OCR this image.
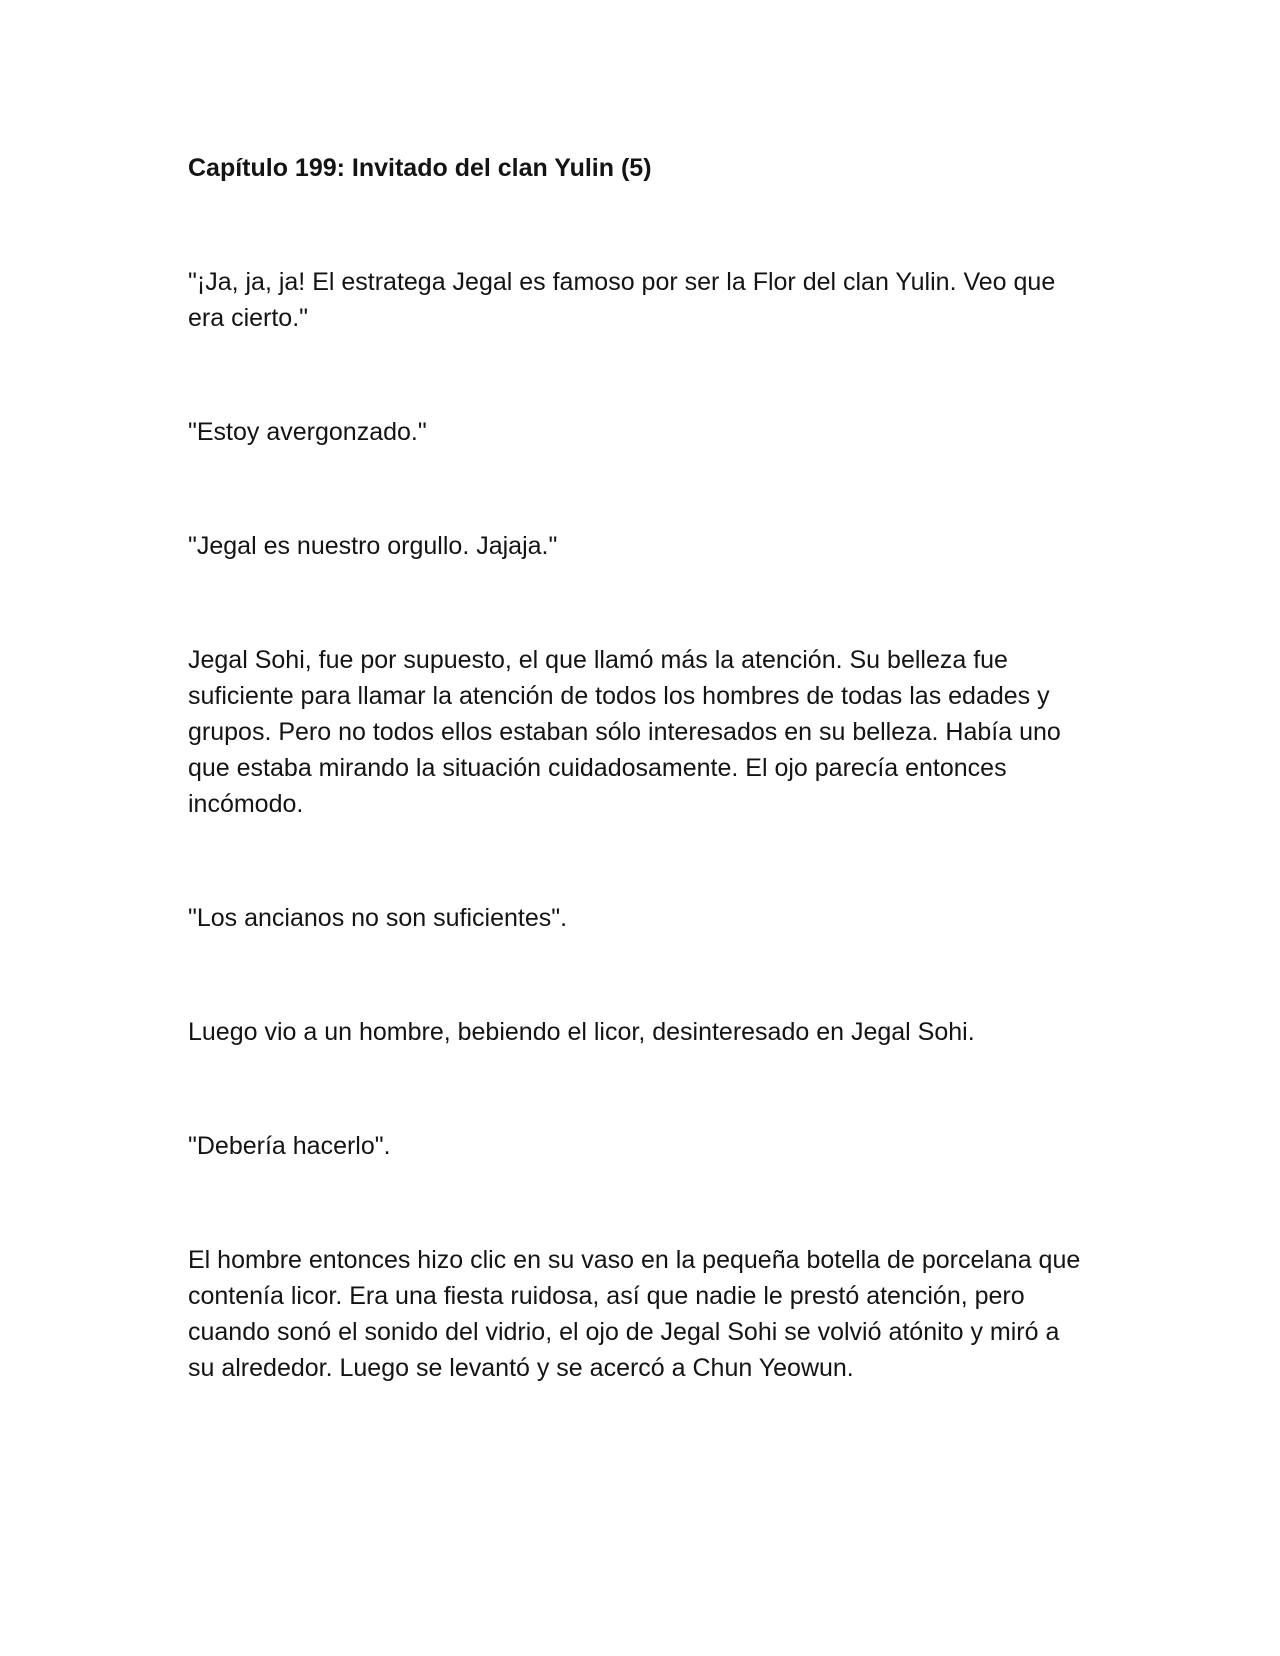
Capítulo 199: Invitado del clan Yulin (5)
"¡Ja, ja, ja! El estratega Jegal es famoso por ser la Flor del clan Yulin. Veo que era cierto."
"Estoy avergonzado."
"Jegal es nuestro orgullo. Jajaja."
Jegal Sohi, fue por supuesto, el que llamó más la atención. Su belleza fue suficiente para llamar la atención de todos los hombres de todas las edades y grupos. Pero no todos ellos estaban sólo interesados en su belleza. Había uno que estaba mirando la situación cuidadosamente. El ojo parecía entonces incómodo.
"Los ancianos no son suficientes".
Luego vio a un hombre, bebiendo el licor, desinteresado en Jegal Sohi.
"Debería hacerlo".
El hombre entonces hizo clic en su vaso en la pequeña botella de porcelana que contenía licor. Era una fiesta ruidosa, así que nadie le prestó atención, pero cuando sonó el sonido del vidrio, el ojo de Jegal Sohi se volvió atónito y miró a su alrededor. Luego se levantó y se acercó a Chun Yeowun.
